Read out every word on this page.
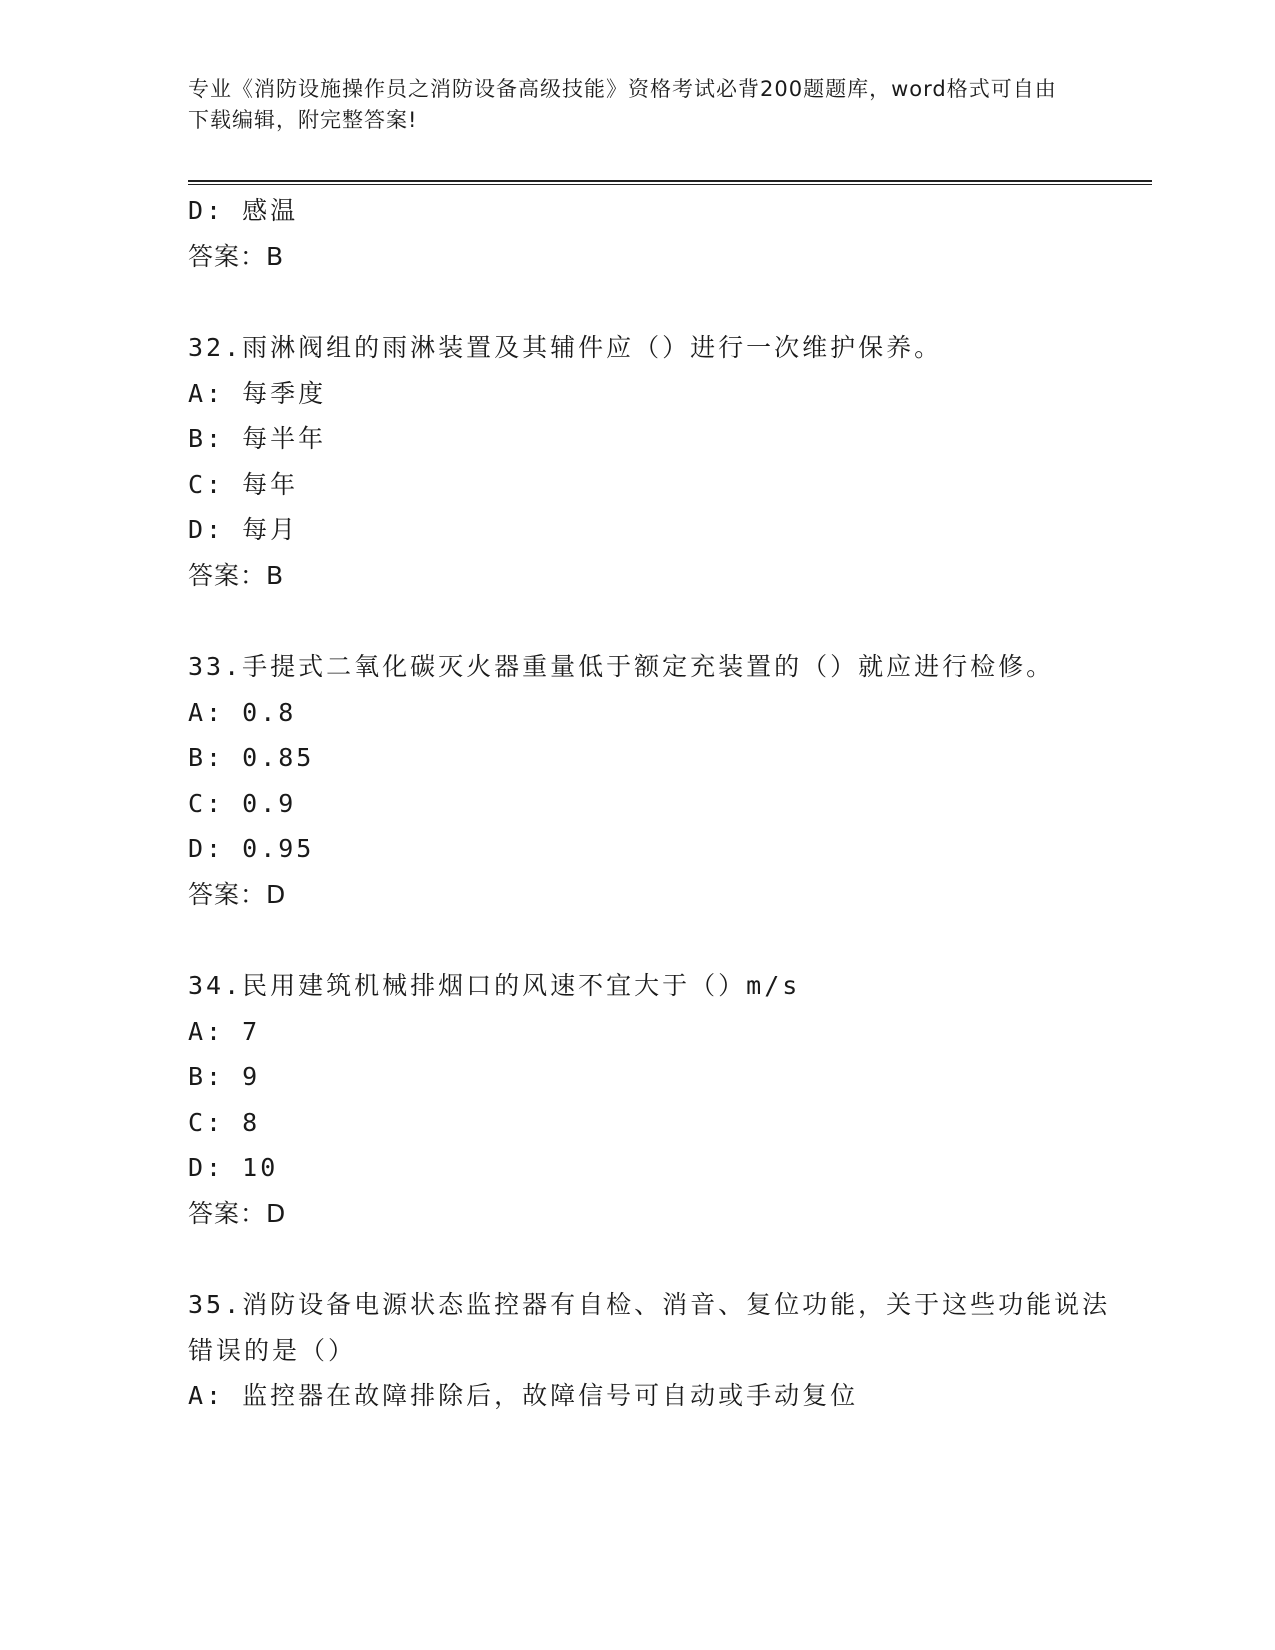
专业《消防设施操作员之消防设备高级技能》资格考试必背200题题库，word格式可自由下载编辑，附完整答案!
D: 感温
答案：B
32.雨淋阀组的雨淋装置及其辅件应（）进行一次维护保养。
A: 每季度
B: 每半年
C: 每年
D: 每月
答案：B
33.手提式二氧化碳灭火器重量低于额定充装置的（）就应进行检修。
A: 0.8
B: 0.85
C: 0.9
D: 0.95
答案：D
34.民用建筑机械排烟口的风速不宜大于（）m/s
A: 7
B: 9
C: 8
D: 10
答案：D
35.消防设备电源状态监控器有自检、消音、复位功能，关于这些功能说法错误的是（）
A: 监控器在故障排除后，故障信号可自动或手动复位
